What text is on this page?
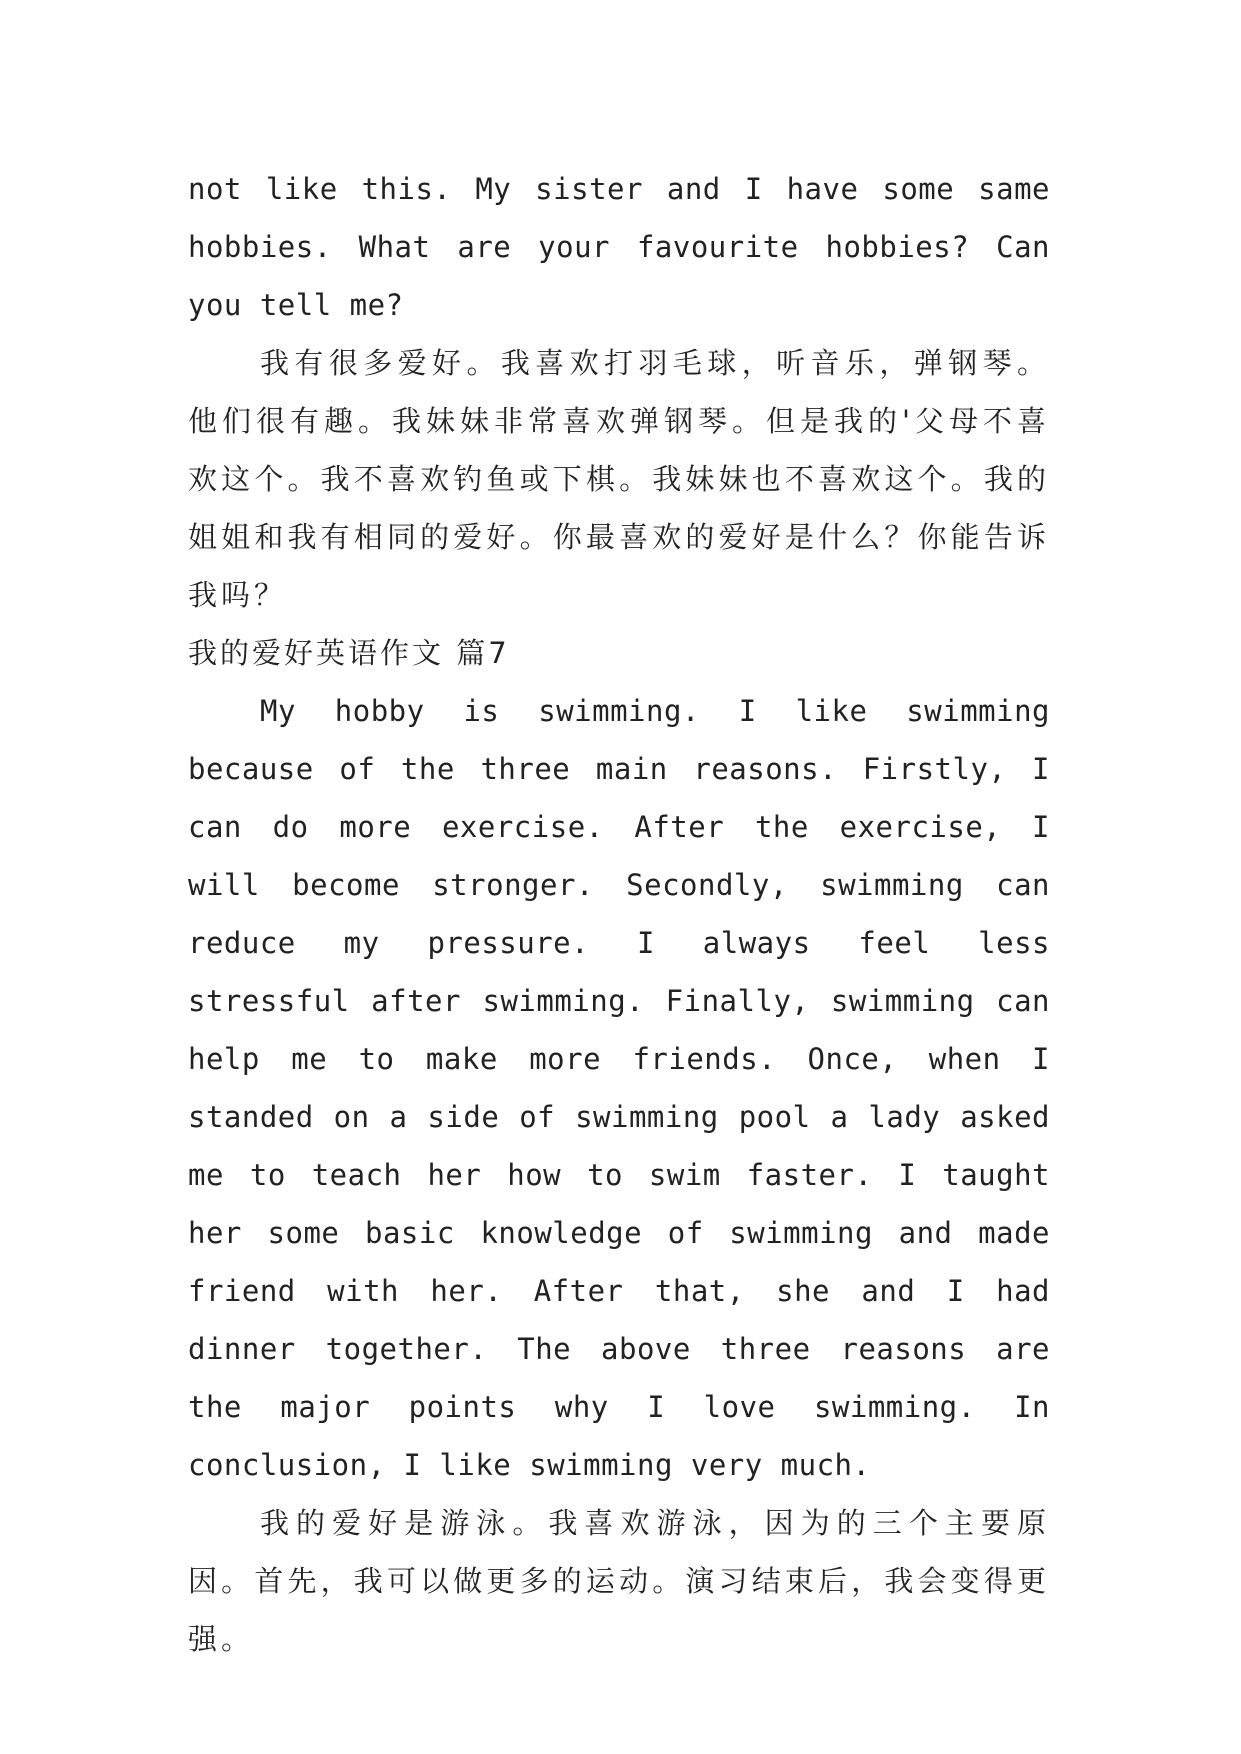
not like this. My sister and I have some same hobbies. What are your favourite hobbies? Can you tell me?

我有很多爱好。我喜欢打羽毛球，听音乐，弹钢琴。他们很有趣。我妹妹非常喜欢弹钢琴。但是我的'父母不喜欢这个。我不喜欢钓鱼或下棋。我妹妹也不喜欢这个。我的姐姐和我有相同的爱好。你最喜欢的爱好是什么？你能告诉我吗？

我的爱好英语作文 篇7

My hobby is swimming. I like swimming because of the three main reasons. Firstly, I can do more exercise. After the exercise, I will become stronger. Secondly, swimming can reduce my pressure. I always feel less stressful after swimming. Finally, swimming can help me to make more friends. Once, when I standed on a side of swimming pool a lady asked me to teach her how to swim faster. I taught her some basic knowledge of swimming and made friend with her. After that, she and I had dinner together. The above three reasons are the major points why I love swimming. In conclusion, I like swimming very much.

我的爱好是游泳。我喜欢游泳，因为的三个主要原因。首先，我可以做更多的运动。演习结束后，我会变得更强。
